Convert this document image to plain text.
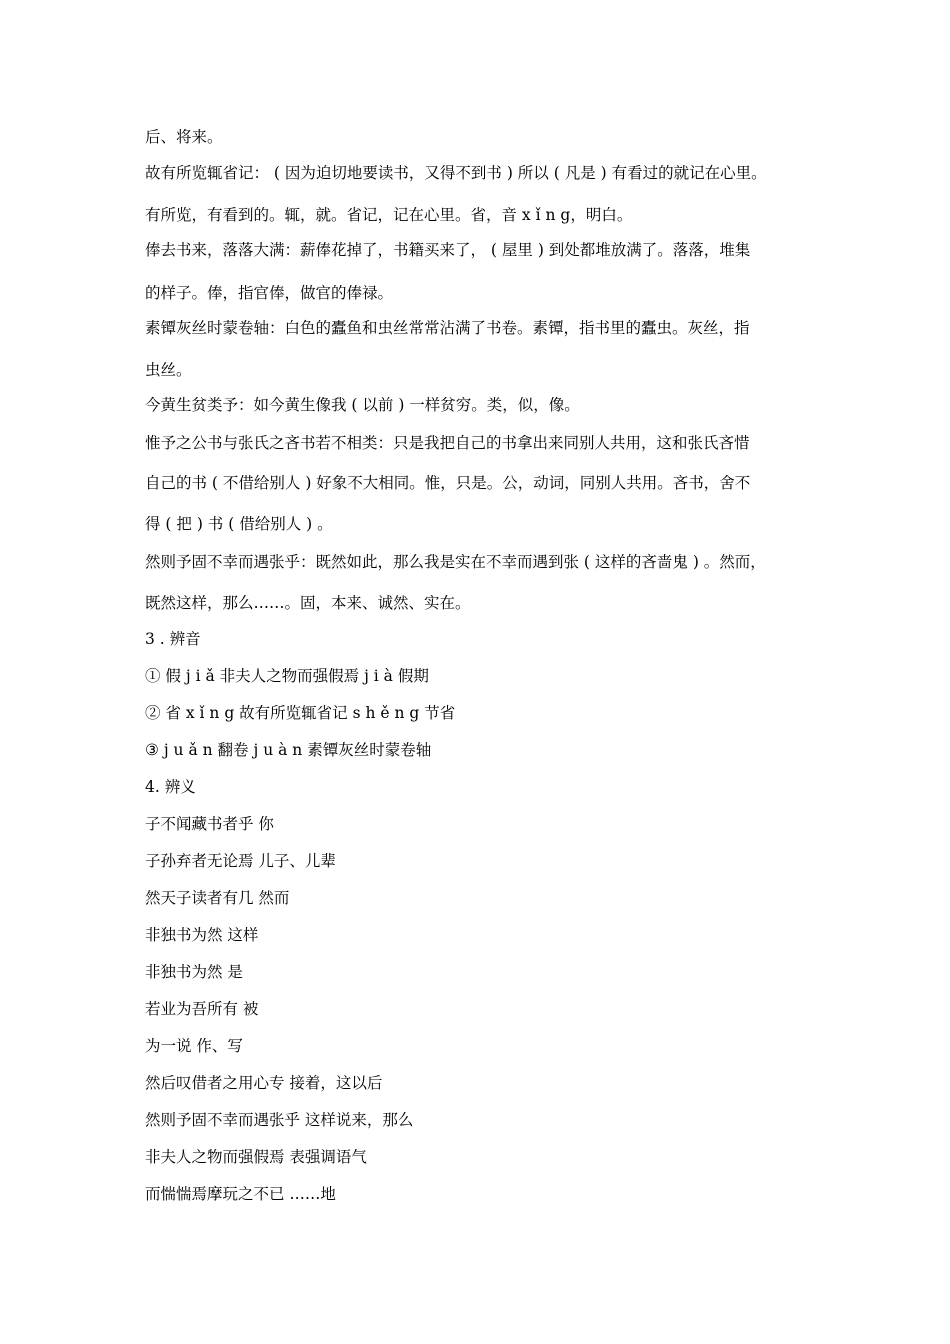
后、将来。
故有所览辄省记： ( 因为迫切地要读书，又得不到书 ) 所以 ( 凡是 ) 有看过的就记在心里。
有所览，有看到的。辄，就。省记，记在心里。省，音 x ǐ n g，明白。
俸去书来，落落大满：薪俸花掉了，书籍买来了， ( 屋里 ) 到处都堆放满了。落落，堆集
的样子。俸，指官俸，做官的俸禄。
素镡灰丝时蒙卷轴：白色的蠹鱼和虫丝常常沾满了书卷。素镡，指书里的蠹虫。灰丝，指
虫丝。
今黄生贫类予：如今黄生像我 ( 以前 ) 一样贫穷。类，似，像。
惟予之公书与张氏之吝书若不相类：只是我把自己的书拿出来同别人共用，这和张氏吝惜
自己的书 ( 不借给别人 ) 好象不大相同。惟，只是。公，动词，同别人共用。吝书，舍不
得 ( 把 ) 书 ( 借给别人 ) 。
然则予固不幸而遇张乎：既然如此，那么我是实在不幸而遇到张 ( 这样的吝啬鬼 ) 。然而，
既然这样，那么……。固，本来、诚然、实在。
3 . 辨音
① 假 j i ǎ 非夫人之物而强假焉 j i à 假期
② 省 x ǐ n g 故有所览辄省记 s h ě n g 节省
③ j u ǎ n 翻卷 j u à n 素镡灰丝时蒙卷轴
4. 辨义
子不闻藏书者乎 你
子孙弃者无论焉 儿子、儿辈
然天子读者有几 然而
非独书为然 这样
非独书为然 是
若业为吾所有 被
为一说 作、写
然后叹借者之用心专 接着，这以后
然则予固不幸而遇张乎 这样说来，那么
非夫人之物而强假焉 表强调语气
而惴惴焉摩玩之不已 ……地
